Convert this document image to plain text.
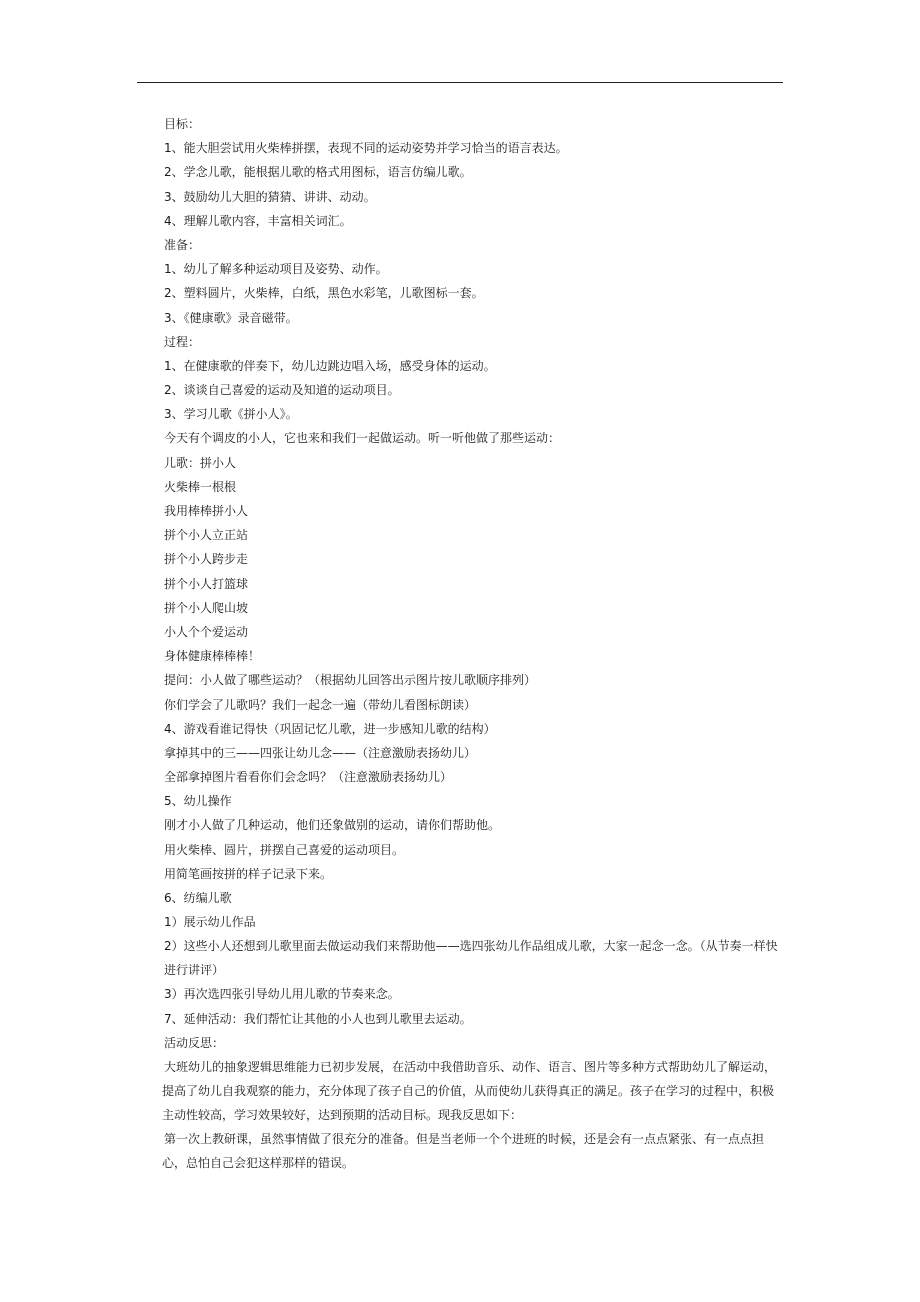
目标：
1、能大胆尝试用火柴棒拼摆，表现不同的运动姿势并学习恰当的语言表达。
2、学念儿歌，能根据儿歌的格式用图标，语言仿编儿歌。
3、鼓励幼儿大胆的猜猜、讲讲、动动。
4、理解儿歌内容，丰富相关词汇。
准备：
1、幼儿了解多种运动项目及姿势、动作。
2、塑料圆片，火柴棒，白纸，黑色水彩笔，儿歌图标一套。
3、《健康歌》录音磁带。
过程：
1、在健康歌的伴奏下，幼儿边跳边唱入场，感受身体的运动。
2、谈谈自己喜爱的运动及知道的运动项目。
3、学习儿歌《拼小人》。
今天有个调皮的小人，它也来和我们一起做运动。听一听他做了那些运动：
儿歌：拼小人
火柴棒一根根
我用棒棒拼小人
拼个小人立正站
拼个小人跨步走
拼个小人打篮球
拼个小人爬山坡
小人个个爱运动
身体健康棒棒棒！
提问：小人做了哪些运动？（根据幼儿回答出示图片按儿歌顺序排列）
你们学会了儿歌吗？我们一起念一遍（带幼儿看图标朗读）
4、游戏看谁记得快（巩固记忆儿歌，进一步感知儿歌的结构）
拿掉其中的三——四张让幼儿念——（注意激励表扬幼儿）
全部拿掉图片看看你们会念吗？（注意激励表扬幼儿）
5、幼儿操作
刚才小人做了几种运动，他们还象做别的运动，请你们帮助他。
用火柴棒、圆片，拼摆自己喜爱的运动项目。
用简笔画按拼的样子记录下来。
6、纺编儿歌
1）展示幼儿作品
2）这些小人还想到儿歌里面去做运动我们来帮助他——选四张幼儿作品组成儿歌，大家一起念一念。（从节奏一样快进行讲评）
3）再次选四张引导幼儿用儿歌的节奏来念。
7、延伸活动：我们帮忙让其他的小人也到儿歌里去运动。
活动反思：
大班幼儿的抽象逻辑思维能力已初步发展，在活动中我借助音乐、动作、语言、图片等多种方式帮助幼儿了解运动，提高了幼儿自我观察的能力，充分体现了孩子自己的价值，从而使幼儿获得真正的满足。孩子在学习的过程中，积极主动性较高，学习效果较好，达到预期的活动目标。现我反思如下：
第一次上教研课，虽然事情做了很充分的准备。但是当老师一个个进班的时候，还是会有一点点紧张、有一点点担心，总怕自己会犯这样那样的错误。
